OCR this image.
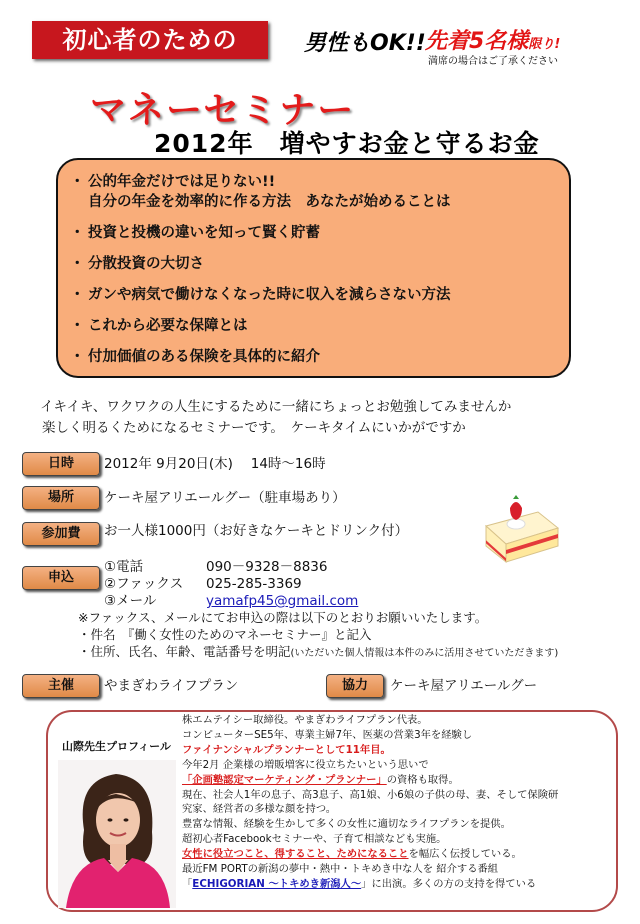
初心者のための	男性もOK!! 先着5名様限り!
満席の場合はご了承ください
マネーセミナー
2012年　増やすお金と守るお金
・ 公的年金だけでは足りない!!
自分の年金を効率的に作る方法　あなたが始めることは
・ 投資と投機の違いを知って賢く貯蓄
・ 分散投資の大切さ
・ ガンや病気で働けなくなった時に収入を減らさない方法
・ これから必要な保障とは
・ 付加価値のある保険を具体的に紹介
イキイキ、ワクワクの人生にするために一緒にちょっとお勉強してみませんか
楽しく明るくためになるセミナーです。　ケーキタイムにいかがですか
日時	2012年 9月20日(木)　 14時～16時
場所	ケーキ屋アリエールグー（駐車場あり）
参加費	お一人様1000円（お好きなケーキとドリンク付）
申込
①電話	090－9328－8836
②ファックス 025-285-3369
③メール	yamafp45@gmail.com
※ファックス、メールにてお申込の際は以下のとおりお願いいたします。
・件名　『働く女性のためのマネーセミナー』と記入
・住所、氏名、年齢、電話番号を明記(いただいた個人情報は本件のみに活用させていただきます)
主催	やまぎわライフプラン	協力	ケーキ屋アリエールグー
山際先生プロフィール
株エムテイシー取締役。やまぎわライフプラン代表。
コンピューターSE5年、専業主婦7年、医薬の営業3年を経験し
ファイナンシャルプランナーとして11年目。
今年2月 企業様の増販増客に役立ちたいという思いで
「企画塾認定マーケティング・プランナー」の資格も取得。
現在、社会人1年の息子、高3息子、高1娘、小6娘の子供の母、妻、そして保険研
究家、経営者の多様な顔を持つ。
豊富な情報、経験を生かして多くの女性に適切なライフプランを提供。
超初心者Facebookセミナーや、子育て相談なども実施。
女性に役立つこと、得すること、ためになることを幅広く伝授している。
最近FM PORTの新潟の夢中・熱中・トキめき中な人を 紹介する番組
「ECHIGORIAN ～トキめき新潟人～」に出演。多くの方の支持を得ている
